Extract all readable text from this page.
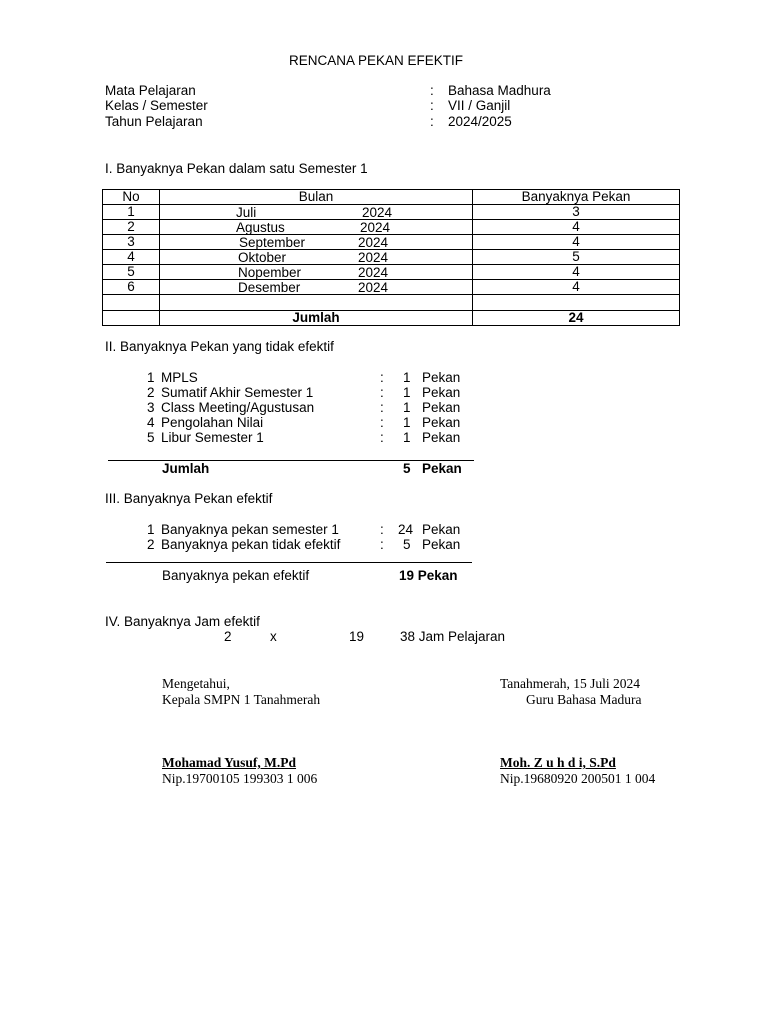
RENCANA PEKAN EFEKTIF
Mata Pelajaran	: Bahasa Madhura
Kelas / Semester	: VII / Ganjil
Tahun Pelajaran	: 2024/2025
I. Banyaknya Pekan dalam satu Semester 1
No	Bulan	Banyaknya Pekan
1	Juli 2024	3
2	Agustus 2024	4
3	September 2024	4
4	Oktober 2024	5
5	Nopember 2024	4
6	Desember 2024	4

	Jumlah	24
II. Banyaknya Pekan yang tidak efektif
1 MPLS	: 1 Pekan
2 Sumatif Akhir Semester 1	: 1 Pekan
3 Class Meeting/Agustusan	: 1 Pekan
4 Pengolahan Nilai	: 1 Pekan
5 Libur Semester 1	: 1 Pekan
Jumlah	5 Pekan
III. Banyaknya Pekan efektif
1 Banyaknya pekan semester 1	: 24 Pekan
2 Banyaknya pekan tidak efektif	: 5 Pekan
Banyaknya pekan efektif	19 Pekan
IV. Banyaknya Jam efektif
2	x	19	38 Jam Pelajaran
Mengetahui,
Kepala SMPN 1 Tanahmerah
Mohamad Yusuf, M.Pd
Nip.19700105 199303 1 006
Tanahmerah, 15 Juli 2024
Guru Bahasa Madura
Moh. Z u h d i, S.Pd
Nip.19680920 200501 1 004
